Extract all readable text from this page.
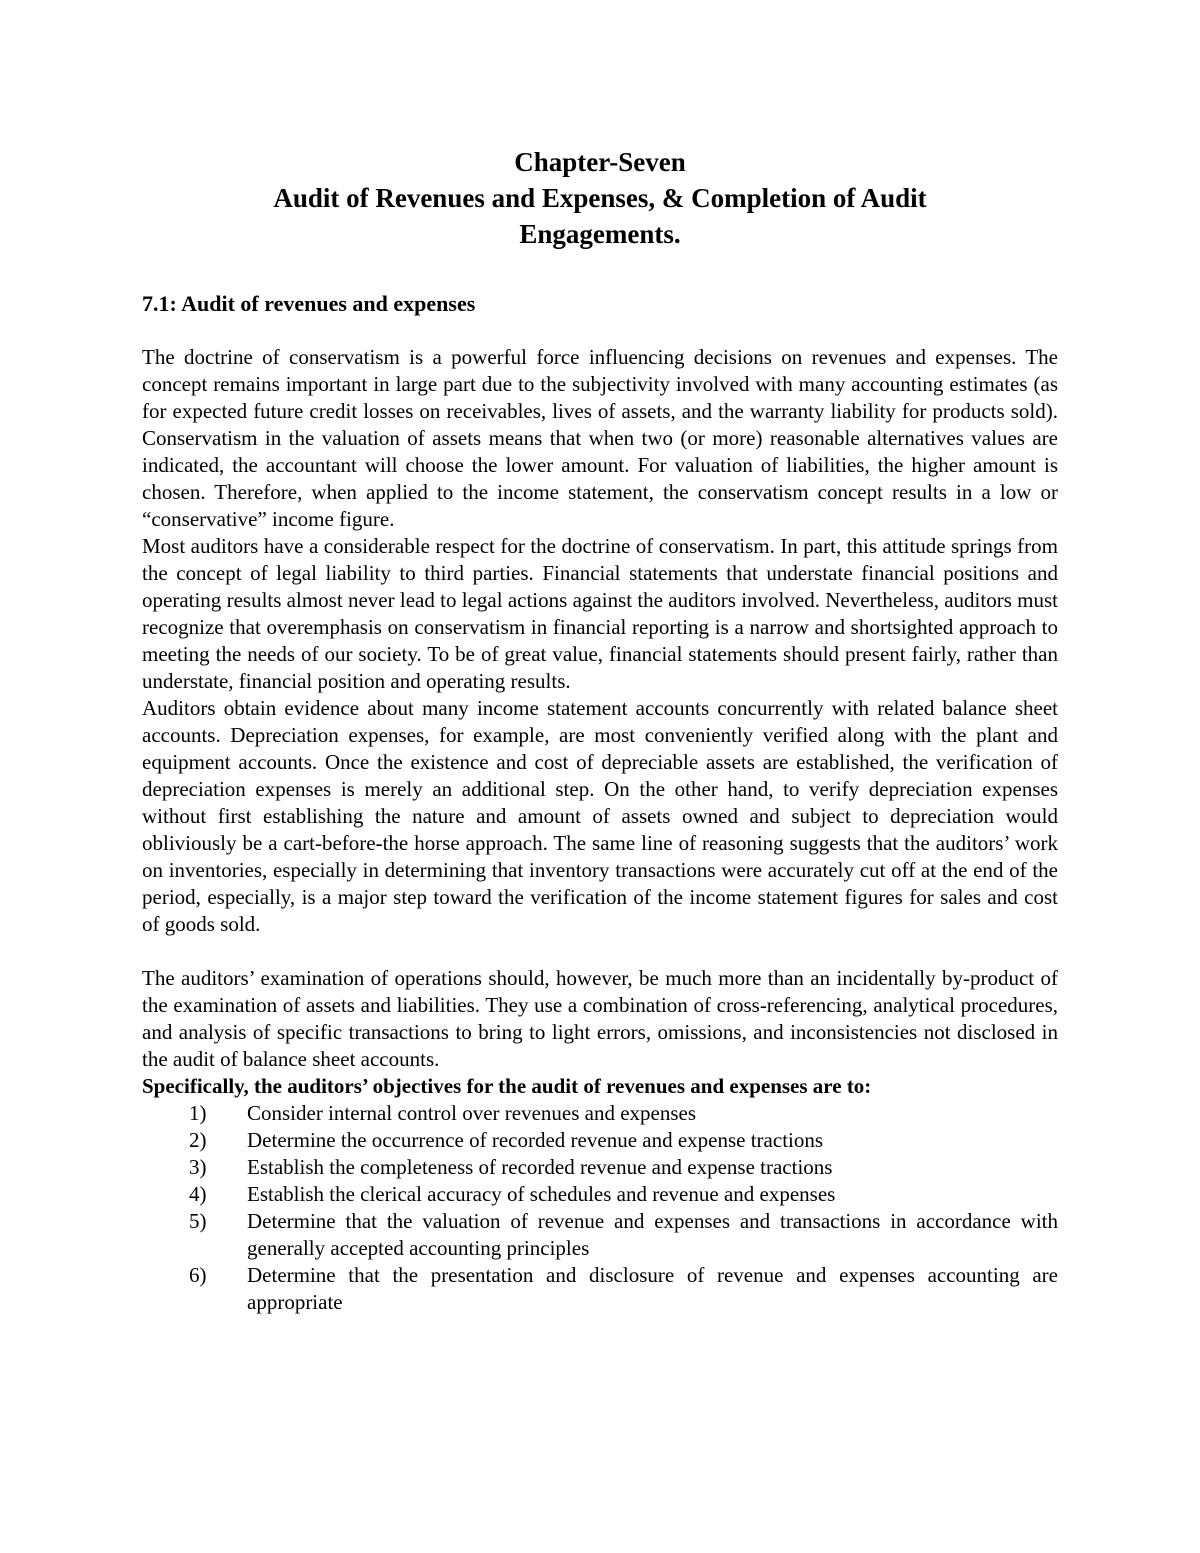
Chapter-Seven
Audit of Revenues and Expenses, & Completion of Audit
Engagements.
7.1: Audit of revenues and expenses

The doctrine of conservatism is a powerful force influencing decisions on revenues and expenses. The concept remains important in large part due to the subjectivity involved with many accounting estimates (as for expected future credit losses on receivables, lives of assets, and the warranty liability for products sold). Conservatism in the valuation of assets means that when two (or more) reasonable alternatives values are indicated, the accountant will choose the lower amount. For valuation of liabilities, the higher amount is chosen. Therefore, when applied to the income statement, the conservatism concept results in a low or “conservative” income figure.

Most auditors have a considerable respect for the doctrine of conservatism. In part, this attitude springs from the concept of legal liability to third parties. Financial statements that understate financial positions and operating results almost never lead to legal actions against the auditors involved. Nevertheless, auditors must recognize that overemphasis on conservatism in financial reporting is a narrow and shortsighted approach to meeting the needs of our society. To be of great value, financial statements should present fairly, rather than understate, financial position and operating results.

Auditors obtain evidence about many income statement accounts concurrently with related balance sheet accounts. Depreciation expenses, for example, are most conveniently verified along with the plant and equipment accounts. Once the existence and cost of depreciable assets are established, the verification of depreciation expenses is merely an additional step. On the other hand, to verify depreciation expenses without first establishing the nature and amount of assets owned and subject to depreciation would obliviously be a cart-before-the horse approach. The same line of reasoning suggests that the auditors’ work on inventories, especially in determining that inventory transactions were accurately cut off at the end of the period, especially, is a major step toward the verification of the income statement figures for sales and cost of goods sold.

The auditors’ examination of operations should, however, be much more than an incidentally by-product of the examination of assets and liabilities. They use a combination of cross-referencing, analytical procedures, and analysis of specific transactions to bring to light errors, omissions, and inconsistencies not disclosed in the audit of balance sheet accounts.

Specifically, the auditors’ objectives for the audit of revenues and expenses are to:

1) Consider internal control over revenues and expenses
2) Determine the occurrence of recorded revenue and expense tractions
3) Establish the completeness of recorded revenue and expense tractions
4) Establish the clerical accuracy of schedules and revenue and expenses
5) Determine that the valuation of revenue and expenses and transactions in accordance with generally accepted accounting principles
6) Determine that the presentation and disclosure of revenue and expenses accounting are appropriate
